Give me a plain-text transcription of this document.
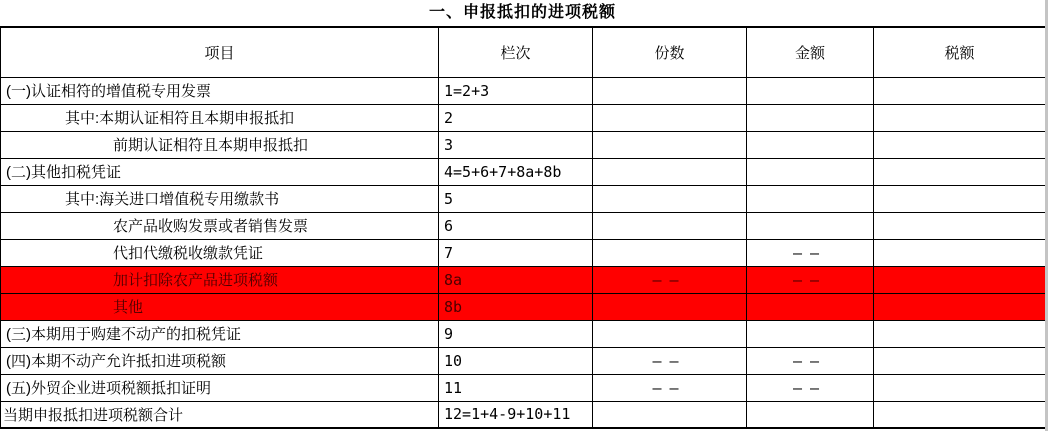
一、申报抵扣的进项税额
项目	栏次	份数	金额	税额
(一)认证相符的增值税专用发票	1=2+3			
其中:本期认证相符且本期申报抵扣	2			
前期认证相符且本期申报抵扣	3			
(二)其他扣税凭证	4=5+6+7+8a+8b			
其中:海关进口增值税专用缴款书	5			
农产品收购发票或者销售发票	6			
代扣代缴税收缴款凭证	7		——	
加计扣除农产品进项税额	8a	——	——	
其他	8b			
(三)本期用于购建不动产的扣税凭证	9			
(四)本期不动产允许抵扣进项税额	10	——	——	
(五)外贸企业进项税额抵扣证明	11	——	——	
当期申报抵扣进项税额合计	12=1+4-9+10+11			
